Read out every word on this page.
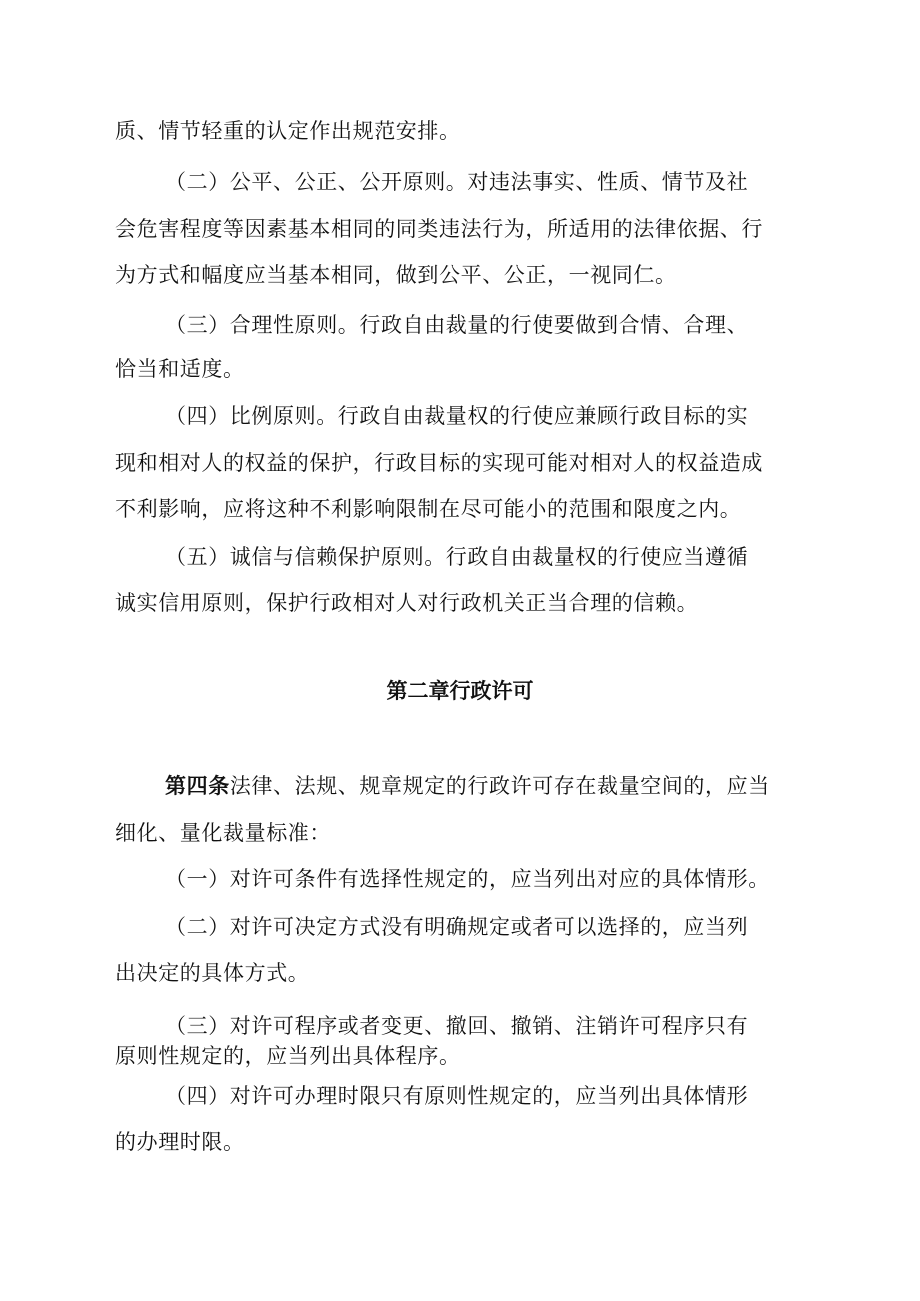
质、情节轻重的认定作出规范安排。
（二）公平、公正、公开原则。对违法事实、性质、情节及社
会危害程度等因素基本相同的同类违法行为，所适用的法律依据、行
为方式和幅度应当基本相同，做到公平、公正，一视同仁。
（三）合理性原则。行政自由裁量的行使要做到合情、合理、
恰当和适度。
（四）比例原则。行政自由裁量权的行使应兼顾行政目标的实
现和相对人的权益的保护，行政目标的实现可能对相对人的权益造成
不利影响，应将这种不利影响限制在尽可能小的范围和限度之内。
（五）诚信与信赖保护原则。行政自由裁量权的行使应当遵循
诚实信用原则，保护行政相对人对行政机关正当合理的信赖。
第二章行政许可
第四条法律、法规、规章规定的行政许可存在裁量空间的，应当
细化、量化裁量标准：
（一）对许可条件有选择性规定的，应当列出对应的具体情形。
（二）对许可决定方式没有明确规定或者可以选择的，应当列
出决定的具体方式。
（三）对许可程序或者变更、撤回、撤销、注销许可程序只有
原则性规定的，应当列出具体程序。
（四）对许可办理时限只有原则性规定的，应当列出具体情形
的办理时限。
